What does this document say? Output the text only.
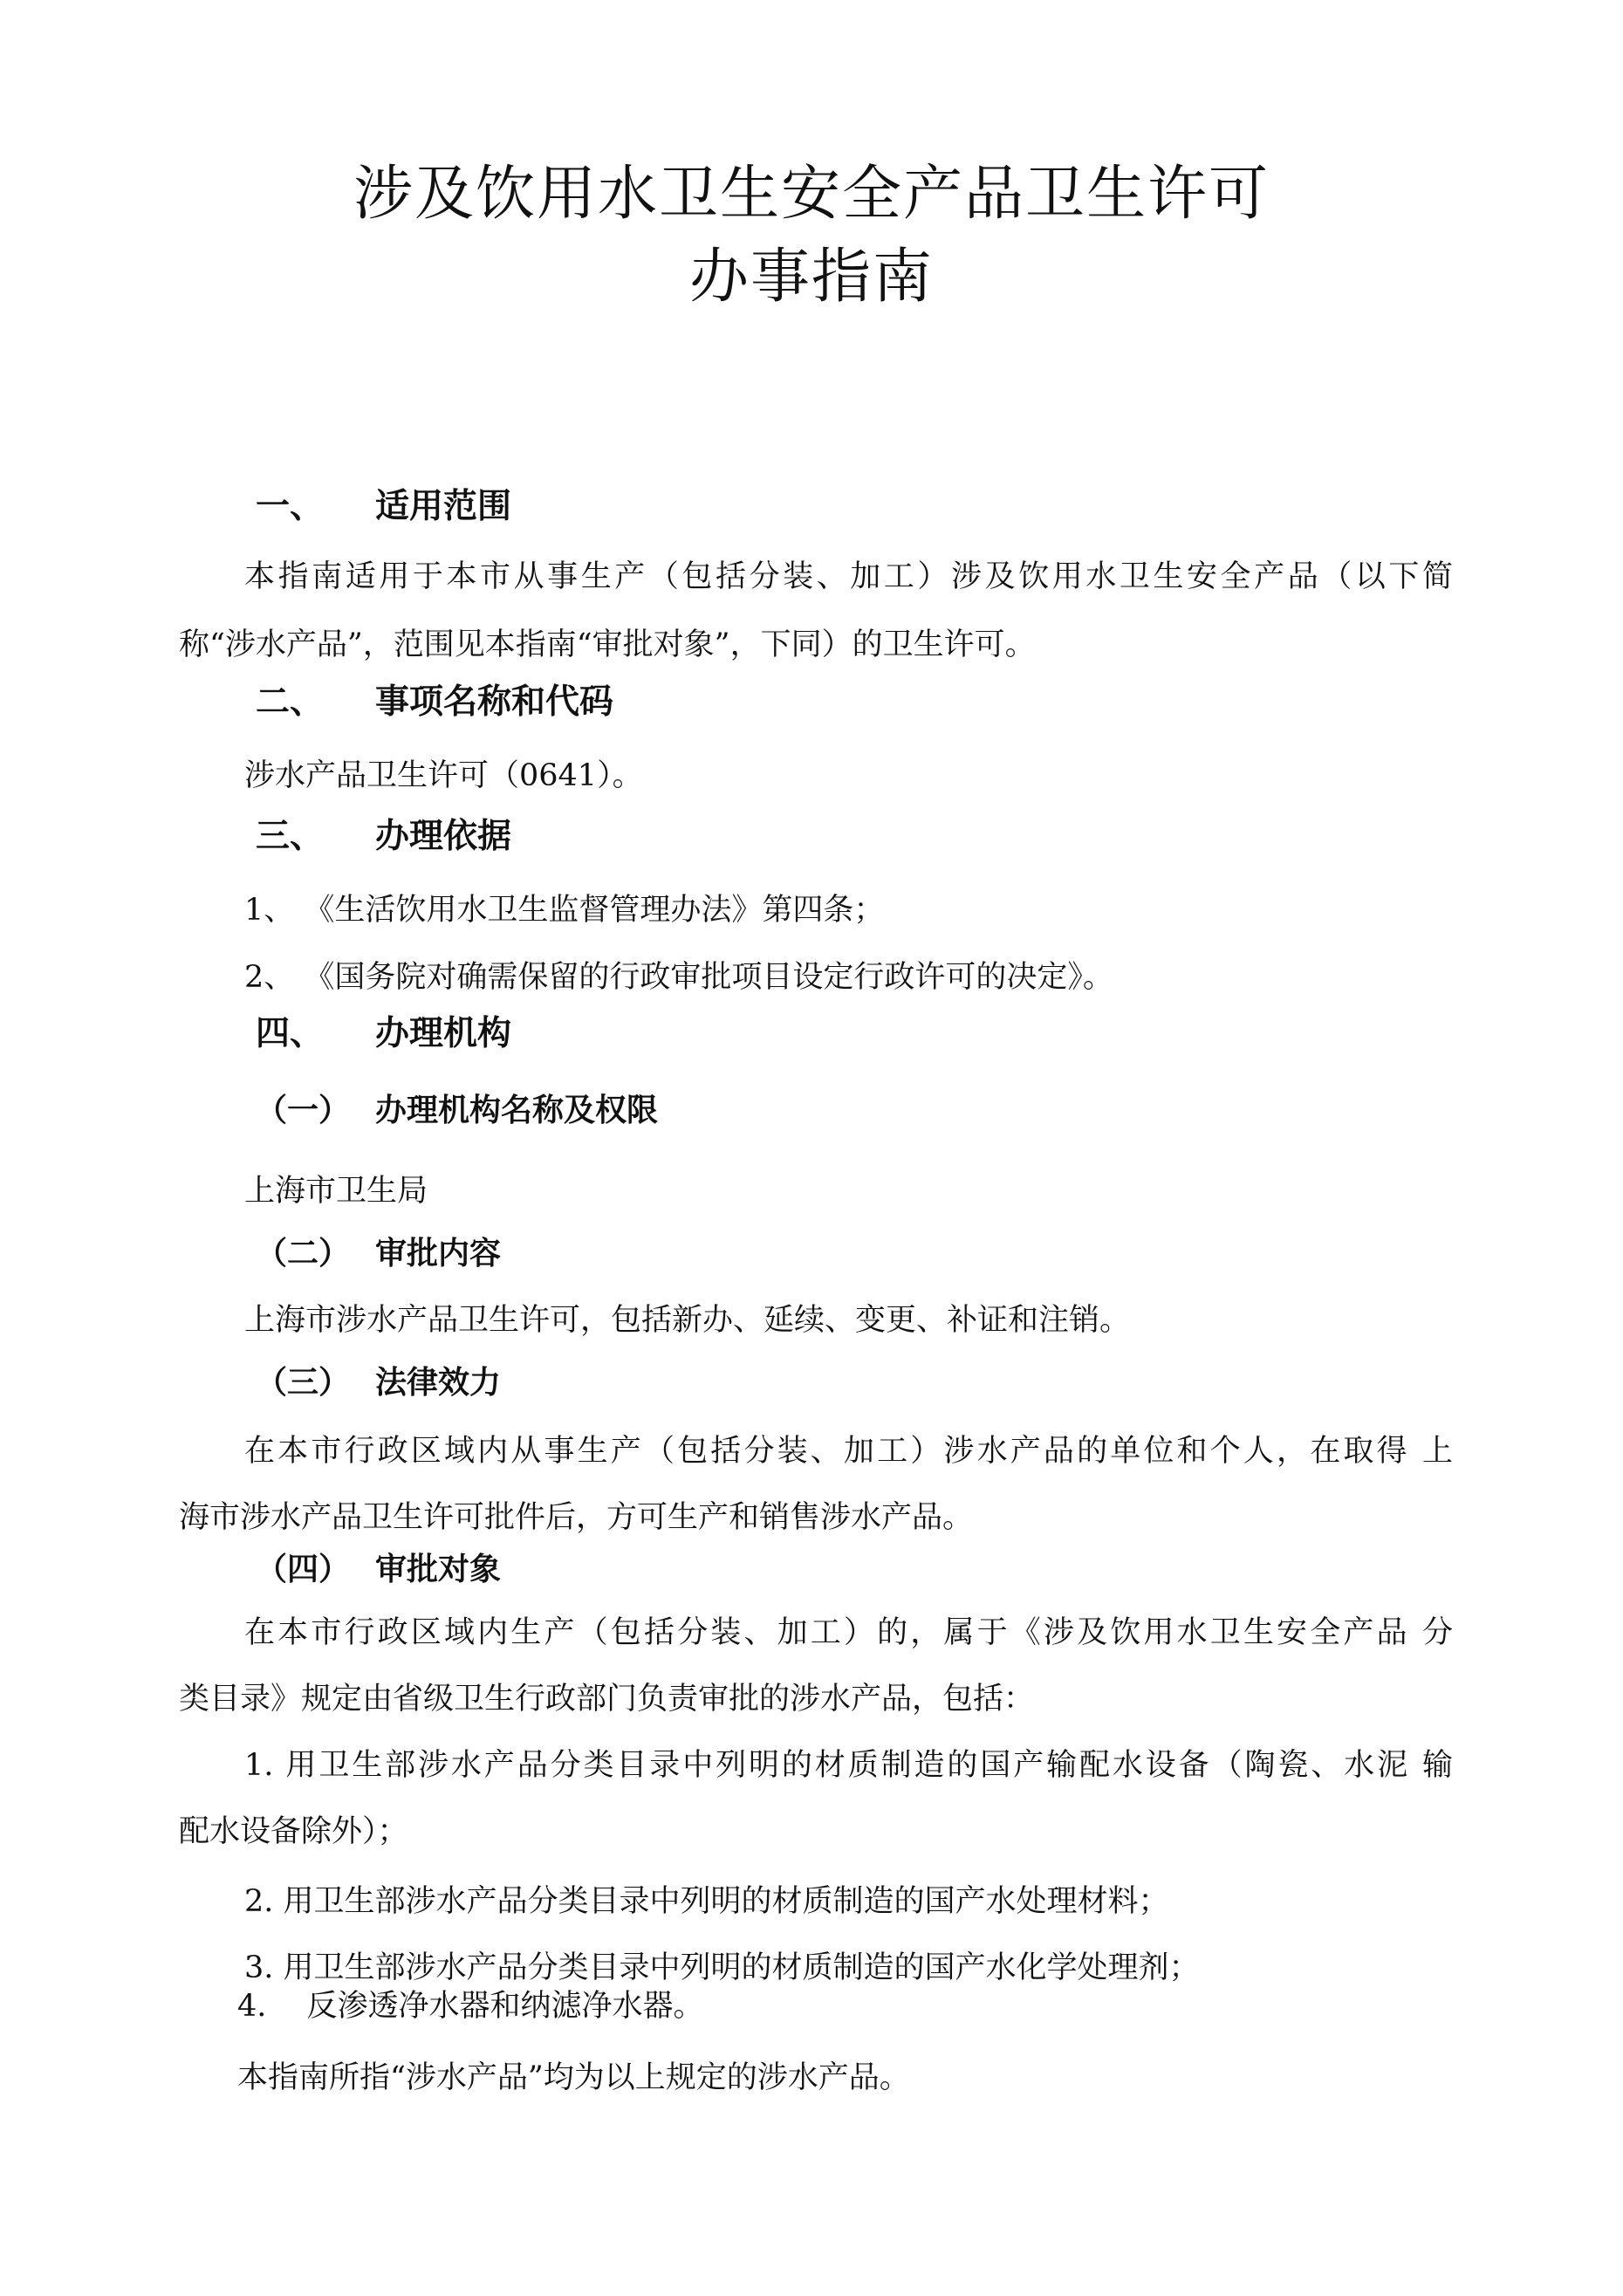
涉及饮用水卫生安全产品卫生许可
办事指南
一、 适用范围
本指南适用于本市从事生产（包括分装、加工）涉及饮用水卫生安全产品（以下简
称“涉水产品”，范围见本指南“审批对象”，下同）的卫生许可。
二、 事项名称和代码
涉水产品卫生许可（0641）。
三、 办理依据
1、 《生活饮用水卫生监督管理办法》第四条；
2、 《国务院对确需保留的行政审批项目设定行政许可的决定》。
四、 办理机构
（一） 办理机构名称及权限
上海市卫生局
（二） 审批内容
上海市涉水产品卫生许可，包括新办、延续、变更、补证和注销。
（三） 法律效力
在本市行政区域内从事生产（包括分装、加工）涉水产品的单位和个人，在取得 上
海市涉水产品卫生许可批件后，方可生产和销售涉水产品。
（四） 审批对象
在本市行政区域内生产（包括分装、加工）的，属于《涉及饮用水卫生安全产品 分
类目录》规定由省级卫生行政部门负责审批的涉水产品，包括：
1. 用卫生部涉水产品分类目录中列明的材质制造的国产输配水设备（陶瓷、水泥 输
配水设备除外）；
2. 用卫生部涉水产品分类目录中列明的材质制造的国产水处理材料；
3. 用卫生部涉水产品分类目录中列明的材质制造的国产水化学处理剂；
4.　 反渗透净水器和纳滤净水器。
本指南所指“涉水产品”均为以上规定的涉水产品。
